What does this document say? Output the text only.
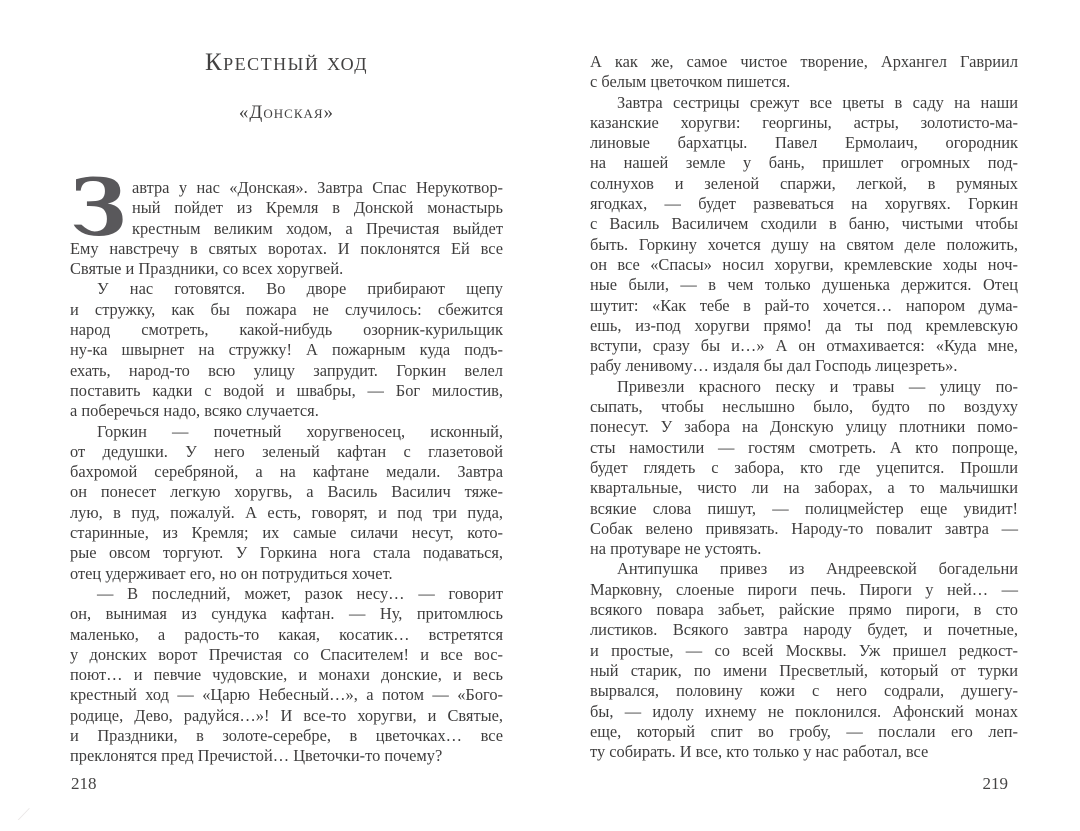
Крестный ход
«Донская»
З автра у нас «Донская». Завтра Спас Нерукотвор-
ный пойдет из Кремля в Донской монастырь
крестным великим ходом, а Пречистая выйдет
Ему навстречу в святых воротах. И поклонятся Ей все
Святые и Праздники, со всех хоругвей.
У нас готовятся. Во дворе прибирают щепу
и стружку, как бы пожара не случилось: сбежится
народ смотреть, какой-нибудь озорник-курильщик
ну-ка швырнет на стружку! А пожарным куда подъ-
ехать, народ-то всю улицу запрудит. Горкин велел
поставить кадки с водой и швабры, — Бог милостив,
а поберечься надо, всяко случается.
Горкин — почетный хоругвеносец, исконный,
от дедушки. У него зеленый кафтан с глазетовой
бахромой серебряной, а на кафтане медали. Завтра
он понесет легкую хоругвь, а Василь Василич тяже-
лую, в пуд, пожалуй. А есть, говорят, и под три пуда,
старинные, из Кремля; их самые силачи несут, кото-
рые овсом торгуют. У Горкина нога стала подаваться,
отец удерживает его, но он потрудиться хочет.
— В последний, может, разок несу… — говорит
он, вынимая из сундука кафтан. — Ну, притомлюсь
маленько, а радость-то какая, косатик… встретятся
у донских ворот Пречистая со Спасителем! и все вос-
поют… и певчие чудовские, и монахи донские, и весь
крестный ход — «Царю Небесный…», а потом — «Бого-
родице, Дево, радуйся…»! И все-то хоругви, и Святые,
и Праздники, в золоте-серебре, в цветочках… все
преклонятся пред Пречистой… Цветочки-то почему?
А как же, самое чистое творение, Архангел Гавриил
с белым цветочком пишется.
Завтра сестрицы срежут все цветы в саду на наши
казанские хоругви: георгины, астры, золотисто-ма-
линовые бархатцы. Павел Ермолаич, огородник
на нашей земле у бань, пришлет огромных под-
солнухов и зеленой спаржи, легкой, в румяных
ягодках, — будет развеваться на хоругвях. Горкин
с Василь Василичем сходили в баню, чистыми чтобы
быть. Горкину хочется душу на святом деле положить,
он все «Спасы» носил хоругви, кремлевские ходы ноч-
ные были, — в чем только душенька держится. Отец
шутит: «Как тебе в рай-то хочется… напором дума-
ешь, из-под хоругви прямо! да ты под кремлевскую
вступи, сразу бы и…» А он отмахивается: «Куда мне,
рабу ленивому… издаля бы дал Господь лицезреть».
Привезли красного песку и травы — улицу по-
сыпать, чтобы неслышно было, будто по воздуху
понесут. У забора на Донскую улицу плотники помо-
сты намостили — гостям смотреть. А кто попроще,
будет глядеть с забора, кто где уцепится. Прошли
квартальные, чисто ли на заборах, а то мальчишки
всякие слова пишут, — полицмейстер еще увидит!
Собак велено привязать. Народу-то повалит завтра —
на протуваре не устоять.
Антипушка привез из Андреевской богадельни
Марковну, слоеные пироги печь. Пироги у ней… —
всякого повара забьет, райские прямо пироги, в сто
листиков. Всякого завтра народу будет, и почетные,
и простые, — со всей Москвы. Уж пришел редкост-
ный старик, по имени Пресветлый, который от турки
вырвался, половину кожи с него содрали, душегу-
бы, — идолу ихнему не поклонился. Афонский монах
еще, который спит во гробу, — послали его леп-
ту собирать. И все, кто только у нас работал, все
218	219
⁄
